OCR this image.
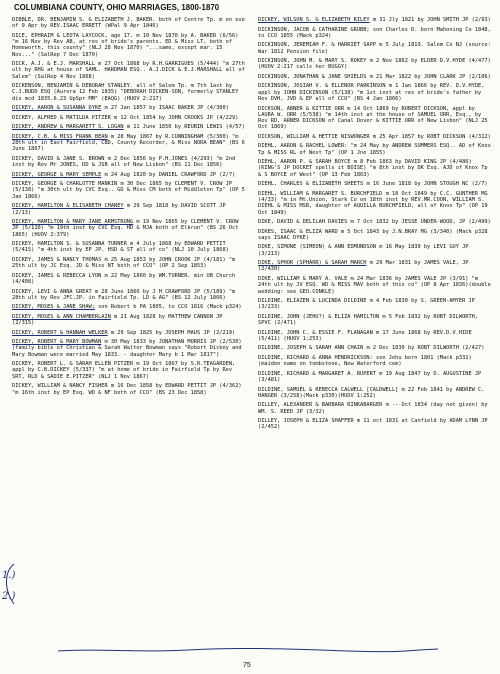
COLUMBIANA COUNTY, OHIO MARRIAGES, 1800-1870
DIBBLE, DR. BENJAMIN S. & ELIZABETH J. BAKER. both of Centre Tp. m on eve of 9 Apr by REV.ISAAC ERRETT (WPal 9 Apr 1846)
DICE, EPHRAIM & LEOTA LAYCOCK, age 17. m 10 Nov 1870 by A. BAKER (6/56) "m 16 Nov by Rev AB, at res of bride's parents. ED & Miss LT, both of Homeworth, this county" (NLJ 28 Nov 1870) "...same, except mar. 15 Nov..." (SalRep 7 Dec 1870)
DICK, A.J. & E.J. MARSHALL m 27 Oct 1868 by R.H.GARRIGUES (5/444) "m 27th ult by RHG at house of SAML. HARDMAN ESQ.. A.J.DICK & E.J.MARSHALL all of Salem" (SalRep 4 Nov 1868)
DICKENSON, BENJAMIN & DEBORAH STANLEY. all of Salem Tp. m 7th 1ast by C.J.BUDD ESQ (Aurora 12 Feb 1835) "DEBORAH DICKEN-SON, formerly STANLEY dis mcd 1835.6.23 UpSpr MM" (EAQG) (HUOV 2:217)
DICKEY, AARON & SUSANNA DYKE m 27 Jan 1857 by ISAAC BAKER JP (4/300)
DICKEY, ALFRED & MATILDA PITZER m 12 Oct 1854 by JOHN CROOKS JP (4/229)
DICKEY, ANDREW & MARGARETT S. LOGAN m 11 June 1850 by REUBIN LEWIS (4/57)
DICKEY, C.B. & MISS FRANK BEAN m 28 May 1867 by R.CUNNINGHAM (5/300) "m 28th ult in East Fairfield, CBD, County Recorder, & Miss NORA BEAN" (BS 6 June 1867)
DICKEY, DAVID & JANE S. BROWN m 2 Dec 1856 by P.H.JONES (4/293) "m 2nd inst by Rev Mr JONES, DD & JSB all of New Lisbon" (BS 11 Dec 1856)
DICKEY, GEORGE & MARY SEMPLE m 24 Aug 1820 by DANIEL CRAWFORD JP (2/7)
DICKEY, GEORGE & CHARLOTTE MANKIN m 30 Dec 1865 by CLEMENT V. CROW JP (5/138) "m 30th ult by CVC Esq.. GD & Miss CM both of Middleton Tp" (OP 5 Jan 1866)
DICKEY, HAMILTON & ELISABETH CHANEY m 29 Sep 1818 by DAVID SCOTT JP (2/13)
DICKEY, HAMILTON & MARY JANE ARMSTRONG m 19 Nov 1865 by CLEMENT V. CROW JP (5/110) "m 19th inst by CVC Esq. HD & MJA both of Elkrun" (BS 26 Oct 1865) (HUOV 2:379)
DICKEY, HAMILTON S. & SUSANNA TURNER m 4 July 1868 by EDWARD PETTIT (5/415) "m 4th inst by EP JP. HSD & ST all of co" (NLJ 10 July 1868)
DICKEY, JAMES & NANCY THOMAS m 25 Aug 1853 by JOHN CROOK JP (4/181) "m 25th ult by JC Esq. JD & Miss NT both of CCO" (OP 2 Sep 1853)
DICKEY, JAMES & REBECCA LYON m 22 May 1860 by WM.TURNER. min UB Church (4/408)
DICKEY, LEVI & ANNA GREAT m 28 June 1866 by J H CRAWFORD JP (5/189) "m 28th ult by Rev JFC,JP. in Fairfield Tp. LD & AG" (BS 12 July 1866)
DICKEY, MOSES & JANE SHAW; son Robert b PA 1805, to CCO 1816 (Mack p324)
DICKEY, MOSES & ANN CHAMBERLAIN m 21 Aug 1828 by MATTHEW CANNON JP (2/315)
DICKEY, ROBERT & HANNAH WELKER m 29 Sep 1825 by JOSEPH MAUS JP (2/219)
DICKEY, ROBERT & MARY BOWMAN m 30 May 1833 by JONATHAN MORRIS JP (2/530) (family bible of Christian & Sarah Walter Bowman says "Robert Dickey and Mary Bowman were married May 1833. - daughter Mary b 1 Mar 1817")
DICKEY, ROBERT L. & SARAH ELLEN PITZER m 19 Oct 1867 by S.R.TEAGARDEN, appl by C.B.DICKEY (5/337) "m at home of bride in Fairfield Tp by Rev SRT, RLD & SADIE E.PITZER" (NLJ 1 Nov 1867)
DICKEY, WILLIAM & NANCY FISHER m 16 Dec 1858 by EDWARD PETTIT JP (4/362) "m 16th inst by EP Esq. WD & NF both of CCO" (BS 23 Dec 1858)
DICKEY, WILSON S. & ELIZABETH RILEY m 31 Jly 1821 by JOHN SMITH JP (2/93)
DICKINSON, JACOB & CATHARINE GRUBB; son Charles D. born Mahoning Co 1848, to CCO 1855 (Mack p324)
DICKINSON, JEREMIAH F. & HARRIET SAPP m 5 July 1819. Salem Co NJ (source: War 1812 Pension file)
DICKINSON, JOHN M. & MARY S. ROKEY m 2 Nov 1862 by ELDER D.V.HYDE (4/477) (HUOV 2:217 calls her BUGGY)
DICKINSON, JONATHAN & JANE SHIELDS m 21 Mar 1822 by JOHN CLARK JP (2/106)
DICKINSON, JOSIAH V. & ELLENOR PARKINSON m 1 Jan 1866 by REV. D.V.HYDE, appl by JOHN DICKINSON (5/138) "m 1st inst at res of bride's father by Rev DVH, JVD & EP all of CCO" (BS 4 Jan 1866)
DICKSON, ABNER & KITTIE ORR m 14 Oct 1869 by ROBERT DICKSON, appl by LAURA W. ORR (5/538) "m 14th inst at the house of SAMUEL ORR, Esq., by Rev RD. ARNER DICKSON of Canal Dover & KITTIE ORR of New Lisbon" (NLJ 25 Oct 1869)
DICKSON, WILLIAM & HETTIE NISWONGER m 25 Apr 1857 by ROBT DICKSON (4/312)
DIEHL, AARON & RACHEL LOWER: "m 24 May by ANDREW SUMMERS ESQ.. AD of Knox Tp & MISS RL of West Tp" (OP 1 Jne 1855)
DIEHL, AARON P. & SARAH BOYCE m 8 Feb 1863 by DAVID KING JP (4/486) (KING'S JP DOCKET spells it BOISE) "m 8th inst by DK Esq. AJD of Knox Tp & S BOYCE of West" (OP 13 Feb 1863)
DIEHL, CHARLES & ELIZABETH SHEETS m 16 June 1818 by JOHN STOUGH NC (2/7)
DIEHL, WILLIAM & MARGARET S. BURCHFIELD m 18 Oct 1849 by C.C. GUNTHER MG (4/33) "m in Mt.Union, Stark Co on 18th inst by REV.MR.COON, WILLIAM S. DIEHL & MISS MSB, daughter of AQUILLA BURCHFIELD, all of Knox Tp" (OP 19 Oct 1849)
DIKE, DAVID & DELILAH DAVIES m 7 Oct 1832 by JESSE UNDER-WOOD, JP (2/499)
DIKES, ISAAC & ELIZA WARD m 5 Oct 1843 by J.N.BRAY MG (3/340) (Mack p328 says ISAAC DYKE)
DIKE, SIMONE (SIMEON) & ANN EDMUNDSON m 16 May 1839 by LEVI GUY JP (3/213)
DIKE, SPHOR (SPHARR) & SARAH MARCH m 29 Mar 1831 by JAMES VALE, JP (2/430)
DIKE, WILLIAM & MARY A. VALE m 24 Mar 1836 by JAMES VALE JP (3/91) "m 24th ult by JV ESQ. WD & MISS MAV both of this co" (OP 8 Apr 1836)(double wedding: see GEO.CONKLE)
DILDINE, ELIAZEN & LUCINDA DILDINE m 4 Feb 1830 by S. GREEN-AMYER JP (3/233)
DILDINE, JOHN (JEHU?) & ELIZA HAMILTON m 5 Feb 1832 by ROBT DILWORTH, SPVC (2/471)
DILDINE, JOHN C. & ESSIE F. FLANAGAN m 17 June 1868 by REV.D.V.HIDE (5/411) (HUOV 1:253)
DILDINE, JOSEPH & SARAH ANN CHAIN m 2 Dec 1830 by ROBT DILWORTH (2/427)
DILDINE, RICHARD & ANNA HENDRICKSON: son Jehu born 1801 (Mack p331)(maiden name on tombstone, New Waterford cem)
DILDINE, RICHARD & MARGARET A. RUPERT m 19 Aug 1847 by D. AUGUSTINE JP (3/481)
DILDINE, SAMUEL & REBECCA CALWELL [CALDWELL] m 22 Feb 1841 by ANDREW C. HANGER (3/258)(Mack p330)(HUOV 1:252)
DILLEY, ALEXANDER & BARBARA RINKABARGER m -- Oct 1834 (day not given) by WM. S. REED JP (3/32)
DILLEY, JOSEPH & ELIZA SHAFFER m 11 oct 1831 at Canfield by ADAM LYNN JP (2/452)
1.)
2.)
75
